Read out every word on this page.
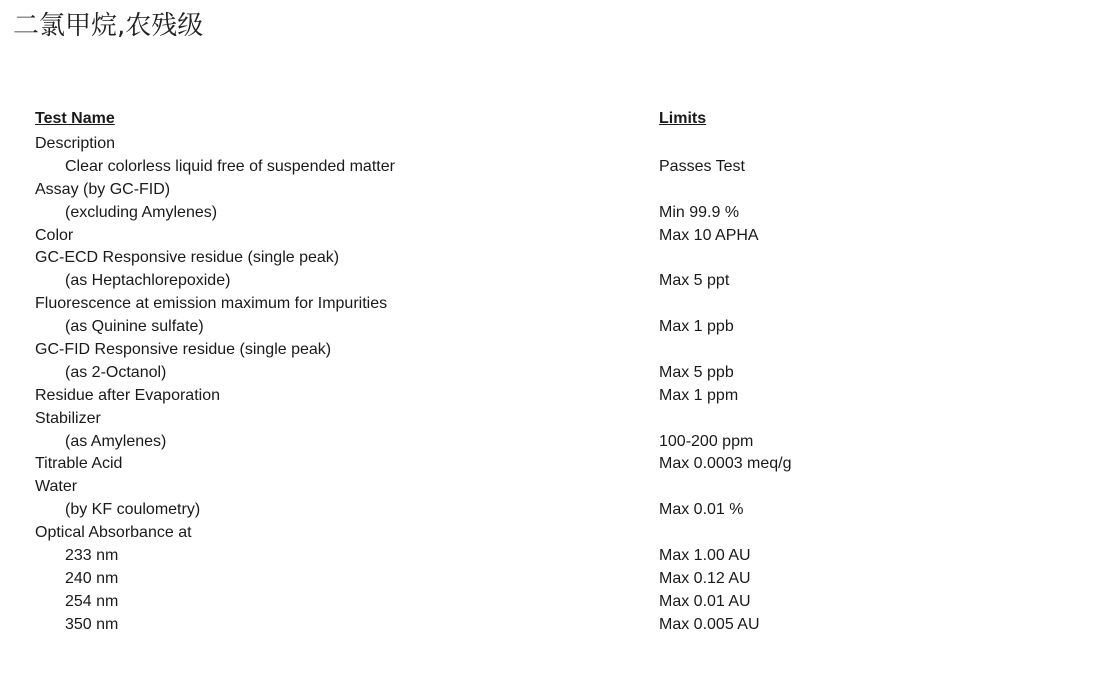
二氯甲烷,农残级
Test Name	Limits
Description
Clear colorless liquid free of suspended matter	Passes Test
Assay (by GC-FID)
(excluding Amylenes)	Min 99.9 %
Color	Max 10 APHA
GC-ECD Responsive residue (single peak)
(as Heptachlorepoxide)	Max 5 ppt
Fluorescence at emission maximum for Impurities
(as Quinine sulfate)	Max 1 ppb
GC-FID Responsive residue (single peak)
(as 2-Octanol)	Max 5 ppb
Residue after Evaporation	Max 1 ppm
Stabilizer
(as Amylenes)	100-200 ppm
Titrable Acid	Max 0.0003 meq/g
Water
(by KF coulometry)	Max 0.01 %
Optical Absorbance at
233 nm	Max 1.00 AU
240 nm	Max 0.12 AU
254 nm	Max 0.01 AU
350 nm	Max 0.005 AU
